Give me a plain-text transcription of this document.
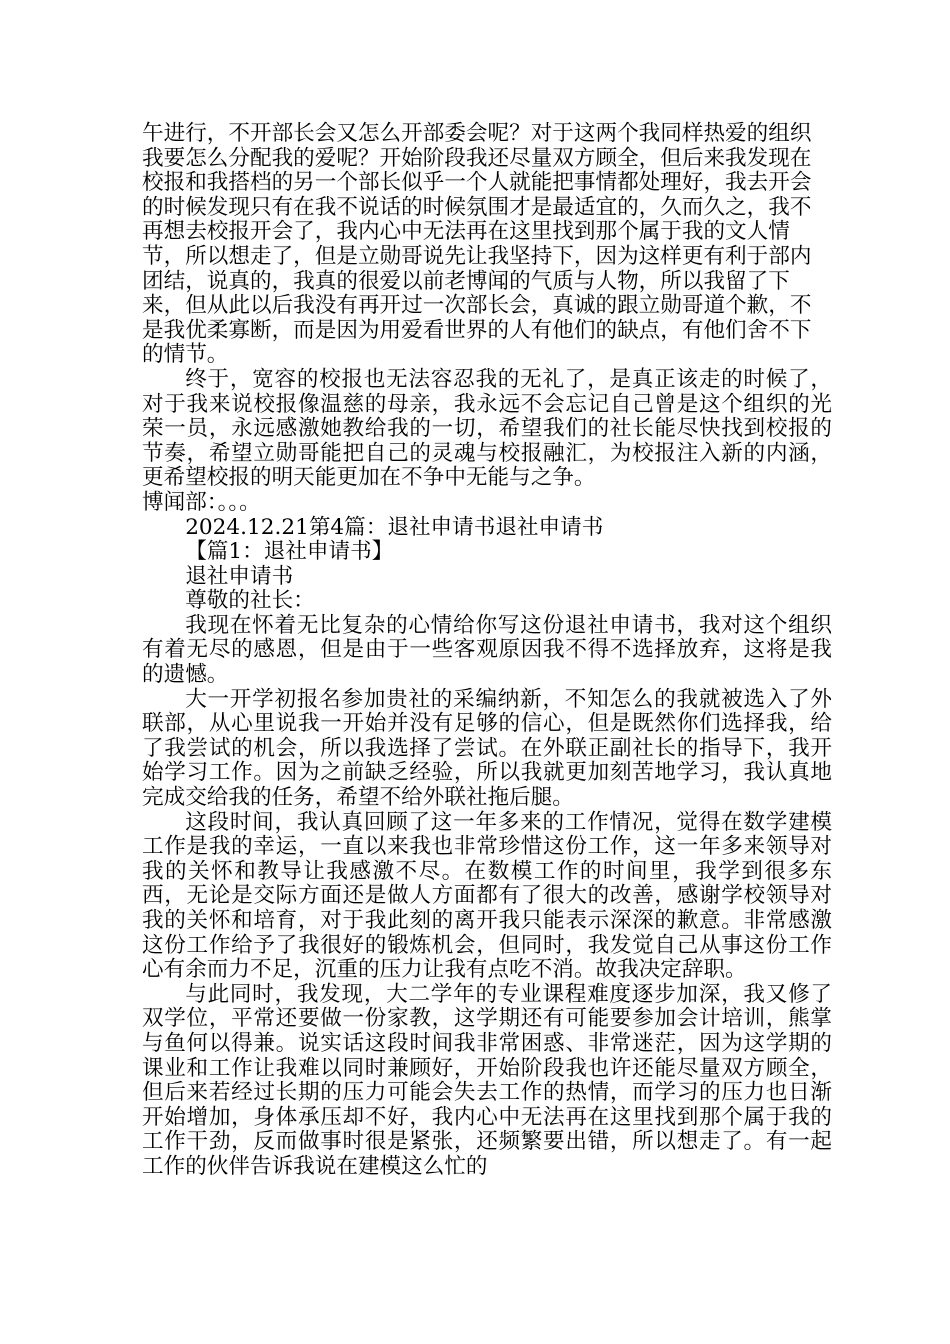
午进行，不开部长会又怎么开部委会呢？对于这两个我同样热爱的组织我要怎么分配我的爱呢？开始阶段我还尽量双方顾全，但后来我发现在校报和我搭档的另一个部长似乎一个人就能把事情都处理好，我去开会的时候发现只有在我不说话的时候氛围才是最适宜的，久而久之，我不再想去校报开会了，我内心中无法再在这里找到那个属于我的文人情节，所以想走了，但是立勋哥说先让我坚持下，因为这样更有利于部内团结，说真的，我真的很爱以前老博闻的气质与人物，所以我留了下来，但从此以后我没有再开过一次部长会，真诚的跟立勋哥道个歉，不是我优柔寡断，而是因为用爱看世界的人有他们的缺点，有他们舍不下的情节。

终于，宽容的校报也无法容忍我的无礼了，是真正该走的时候了，对于我来说校报像温慈的母亲，我永远不会忘记自己曾是这个组织的光荣一员，永远感激她教给我的一切，希望我们的社长能尽快找到校报的节奏，希望立勋哥能把自己的灵魂与校报融汇，为校报注入新的内涵，更希望校报的明天能更加在不争中无能与之争。

博闻部：。。。

2024.12.21第4篇：退社申请书退社申请书

【篇1：退社申请书】

退社申请书

尊敬的社长：

我现在怀着无比复杂的心情给你写这份退社申请书，我对这个组织有着无尽的感恩，但是由于一些客观原因我不得不选择放弃，这将是我的遗憾。

大一开学初报名参加贵社的采编纳新，不知怎么的我就被选入了外联部，从心里说我一开始并没有足够的信心，但是既然你们选择我，给了我尝试的机会，所以我选择了尝试。在外联正副社长的指导下，我开始学习工作。因为之前缺乏经验，所以我就更加刻苦地学习，我认真地完成交给我的任务，希望不给外联社拖后腿。

这段时间，我认真回顾了这一年多来的工作情况，觉得在数学建模工作是我的幸运，一直以来我也非常珍惜这份工作，这一年多来领导对我的关怀和教导让我感激不尽。在数模工作的时间里，我学到很多东西，无论是交际方面还是做人方面都有了很大的改善，感谢学校领导对我的关怀和培育，对于我此刻的离开我只能表示深深的歉意。非常感激这份工作给予了我很好的锻炼机会，但同时，我发觉自己从事这份工作心有余而力不足，沉重的压力让我有点吃不消。故我决定辞职。

与此同时，我发现，大二学年的专业课程难度逐步加深，我又修了双学位，平常还要做一份家教，这学期还有可能要参加会计培训，熊掌与鱼何以得兼。说实话这段时间我非常困惑、非常迷茫，因为这学期的课业和工作让我难以同时兼顾好，开始阶段我也许还能尽量双方顾全，但后来若经过长期的压力可能会失去工作的热情，而学习的压力也日渐开始增加，身体承压却不好，我内心中无法再在这里找到那个属于我的工作干劲，反而做事时很是紧张，还频繁要出错，所以想走了。有一起工作的伙伴告诉我说在建模这么忙的
